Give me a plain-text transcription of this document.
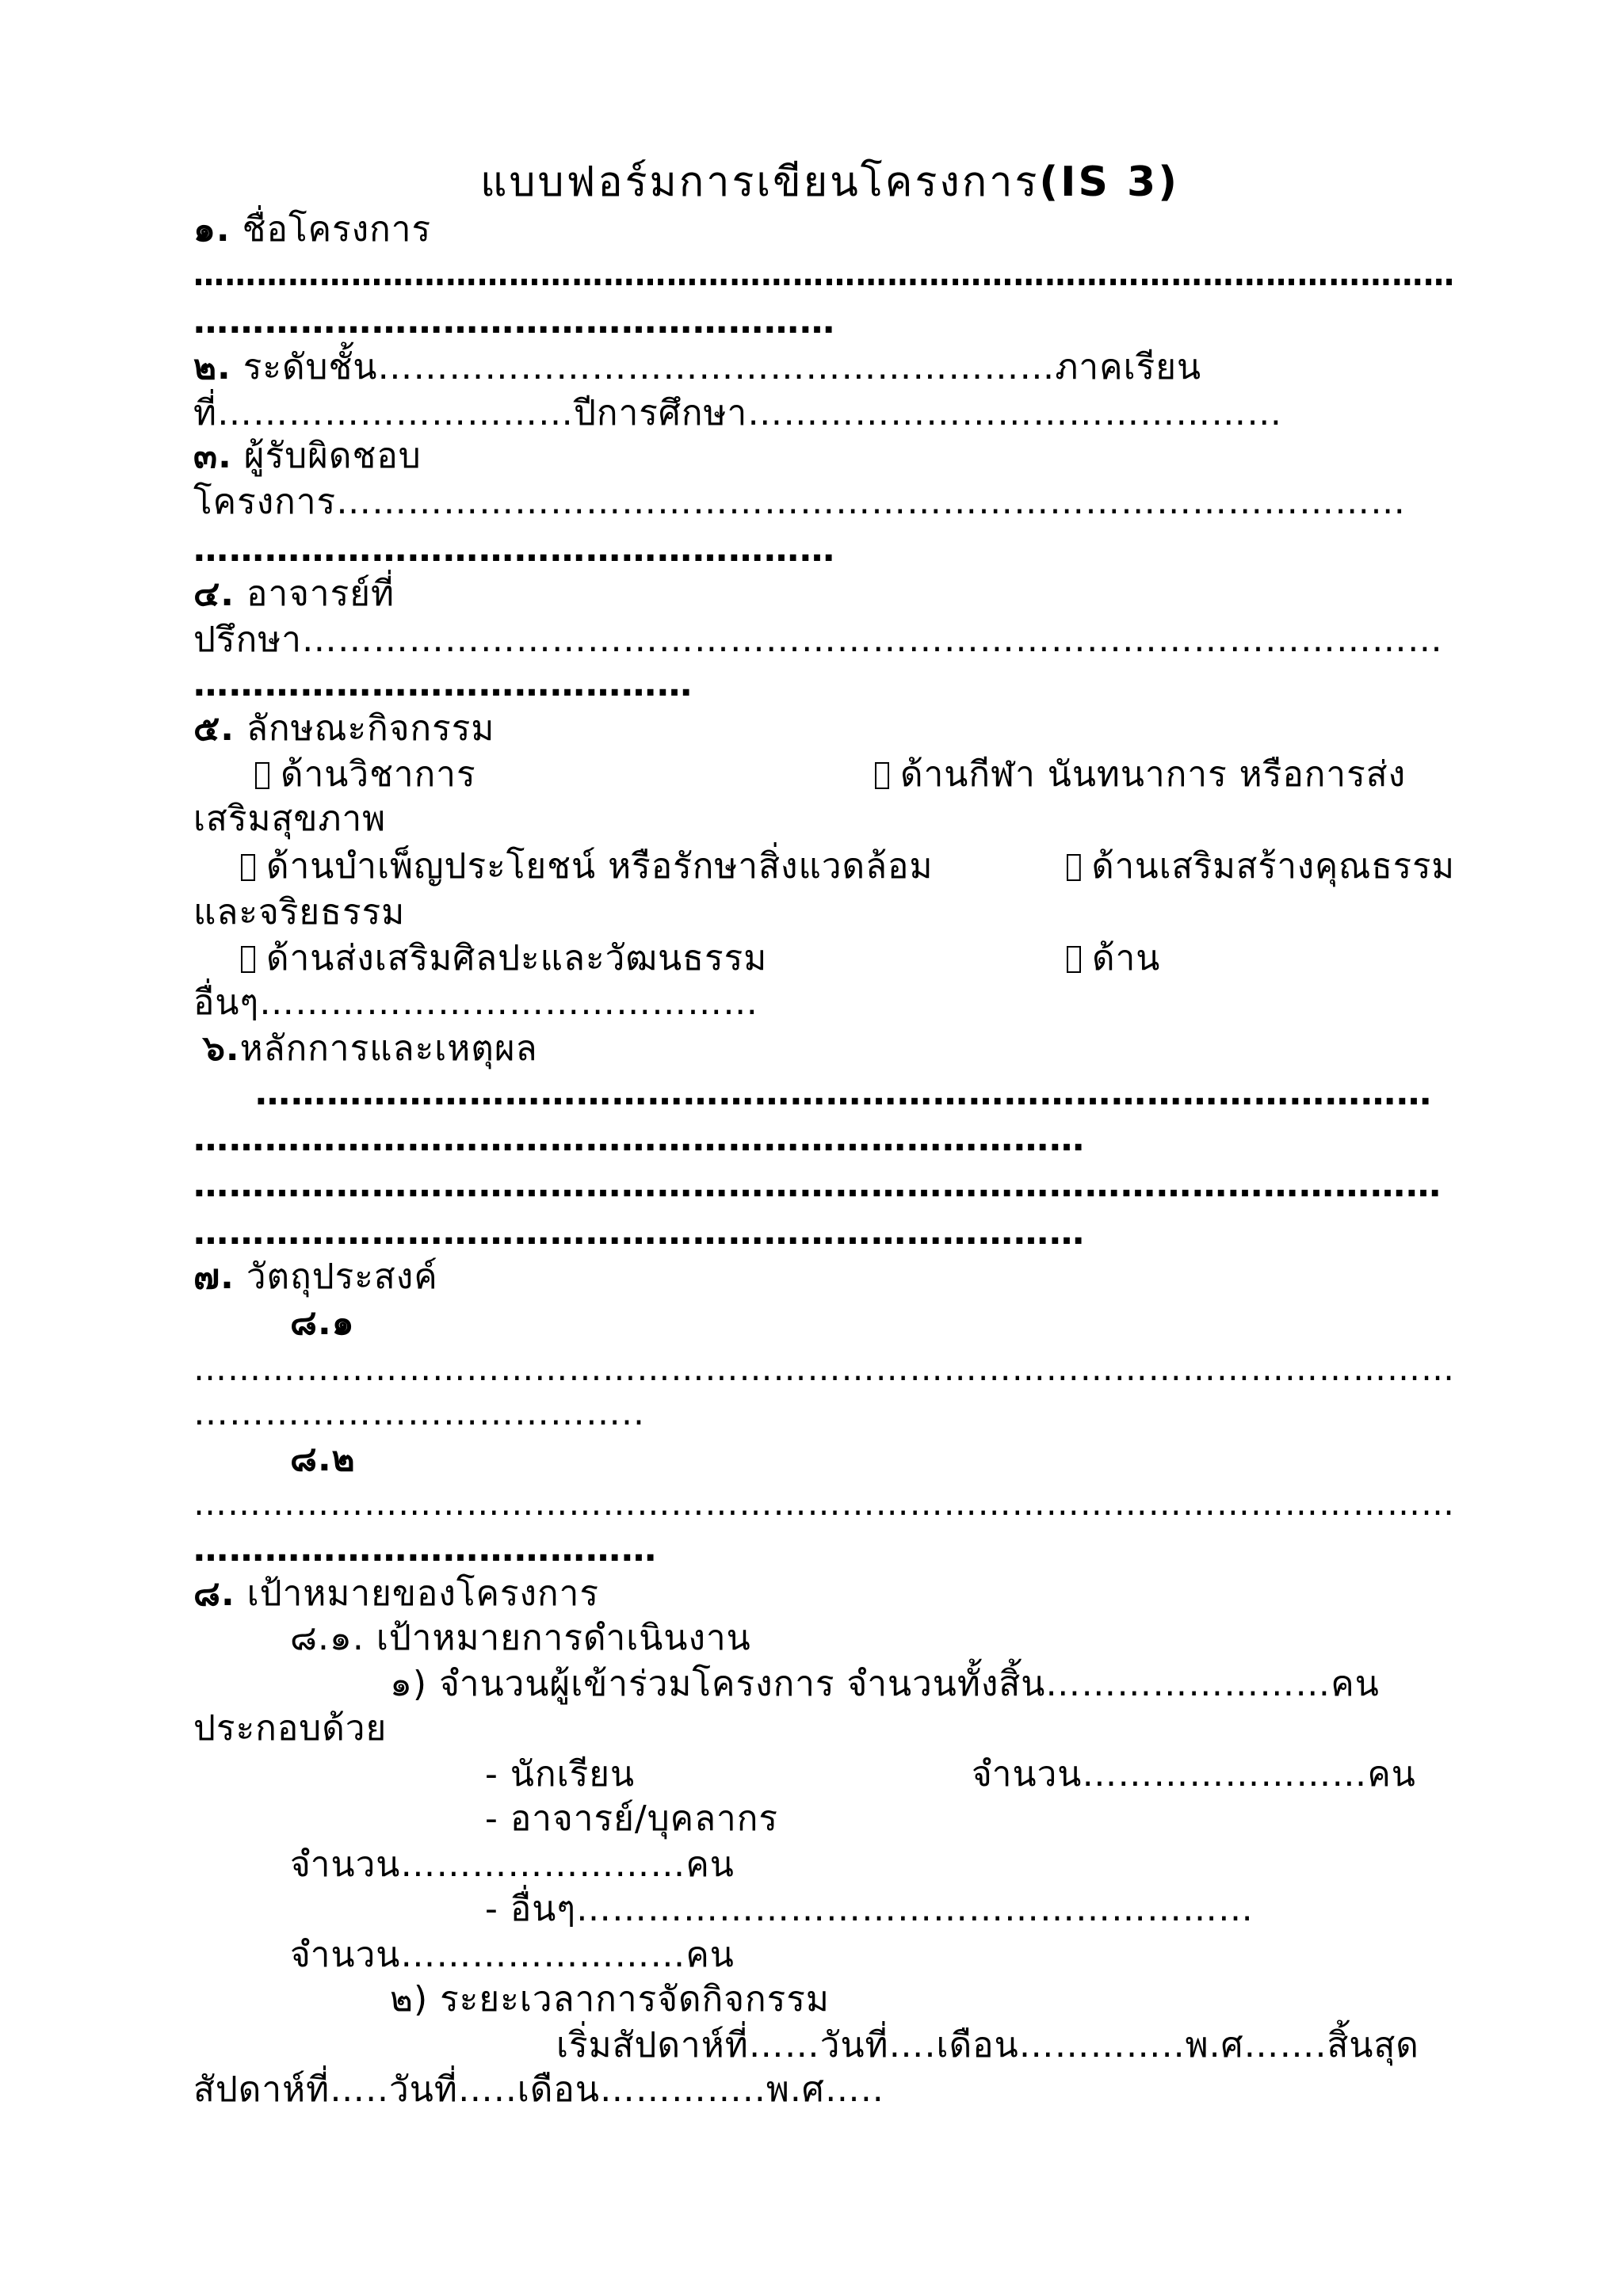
แบบฟอร์มการเขียนโครงการ(IS 3)
๑. ชื่อโครงการ
…………………………………………………………………………………………………………
………………………………………………
๒. ระดับชั้น…………………………………………………ภาคเรียน
ที่…………………………ปีการศึกษา………………………………………
๓. ผู้รับผิดชอบ
โครงการ………………………………………………………………………………
………………………………………………
๔. อาจารย์ที่
ปรึกษา……………………………………………………………………………………
……………………………………
๕. ลักษณะกิจกรรม
ด้านวิชาการ	ด้านกีฬา นันทนาการ หรือการส่ง
เสริมสุขภาพ
ด้านบำเพ็ญประโยชน์ หรือรักษาสิ่งแวดล้อม	ด้านเสริมสร้างคุณธรรม
และจริยธรรม
ด้านส่งเสริมศิลปะและวัฒนธรรม	ด้าน
อื่นๆ……………………………………
๖.หลักการและเหตุผล
………………………………………………………………………………………
…………………………………………………………………
……………………………………………………………………………………………
…………………………………………………………………
๗. วัตถุประสงค์
๘.๑
…………………………………………………………………………………………………
………………………………..
๘.๒
…………………………………………………………………………………………………
…………………………………
๘. เป้าหมายของโครงการ
๘.๑. เป้าหมายการดำเนินงาน
๑) จำนวนผู้เข้าร่วมโครงการ จำนวนทั้งสิ้น……………………คน
ประกอบด้วย
- นักเรียน	จำนวน……………………คน
- อาจารย์/บุคลากร
จำนวน……………………คน
- อื่นๆ…………………………………………………
จำนวน……………………คน
๒) ระยะเวลาการจัดกิจกรรม
เริ่มสัปดาห์ที่……วันที่….เดือน…………..พ.ศ…….สิ้นสุด
สัปดาห์ที่…..วันที่…..เดือน…………..พ.ศ…..
